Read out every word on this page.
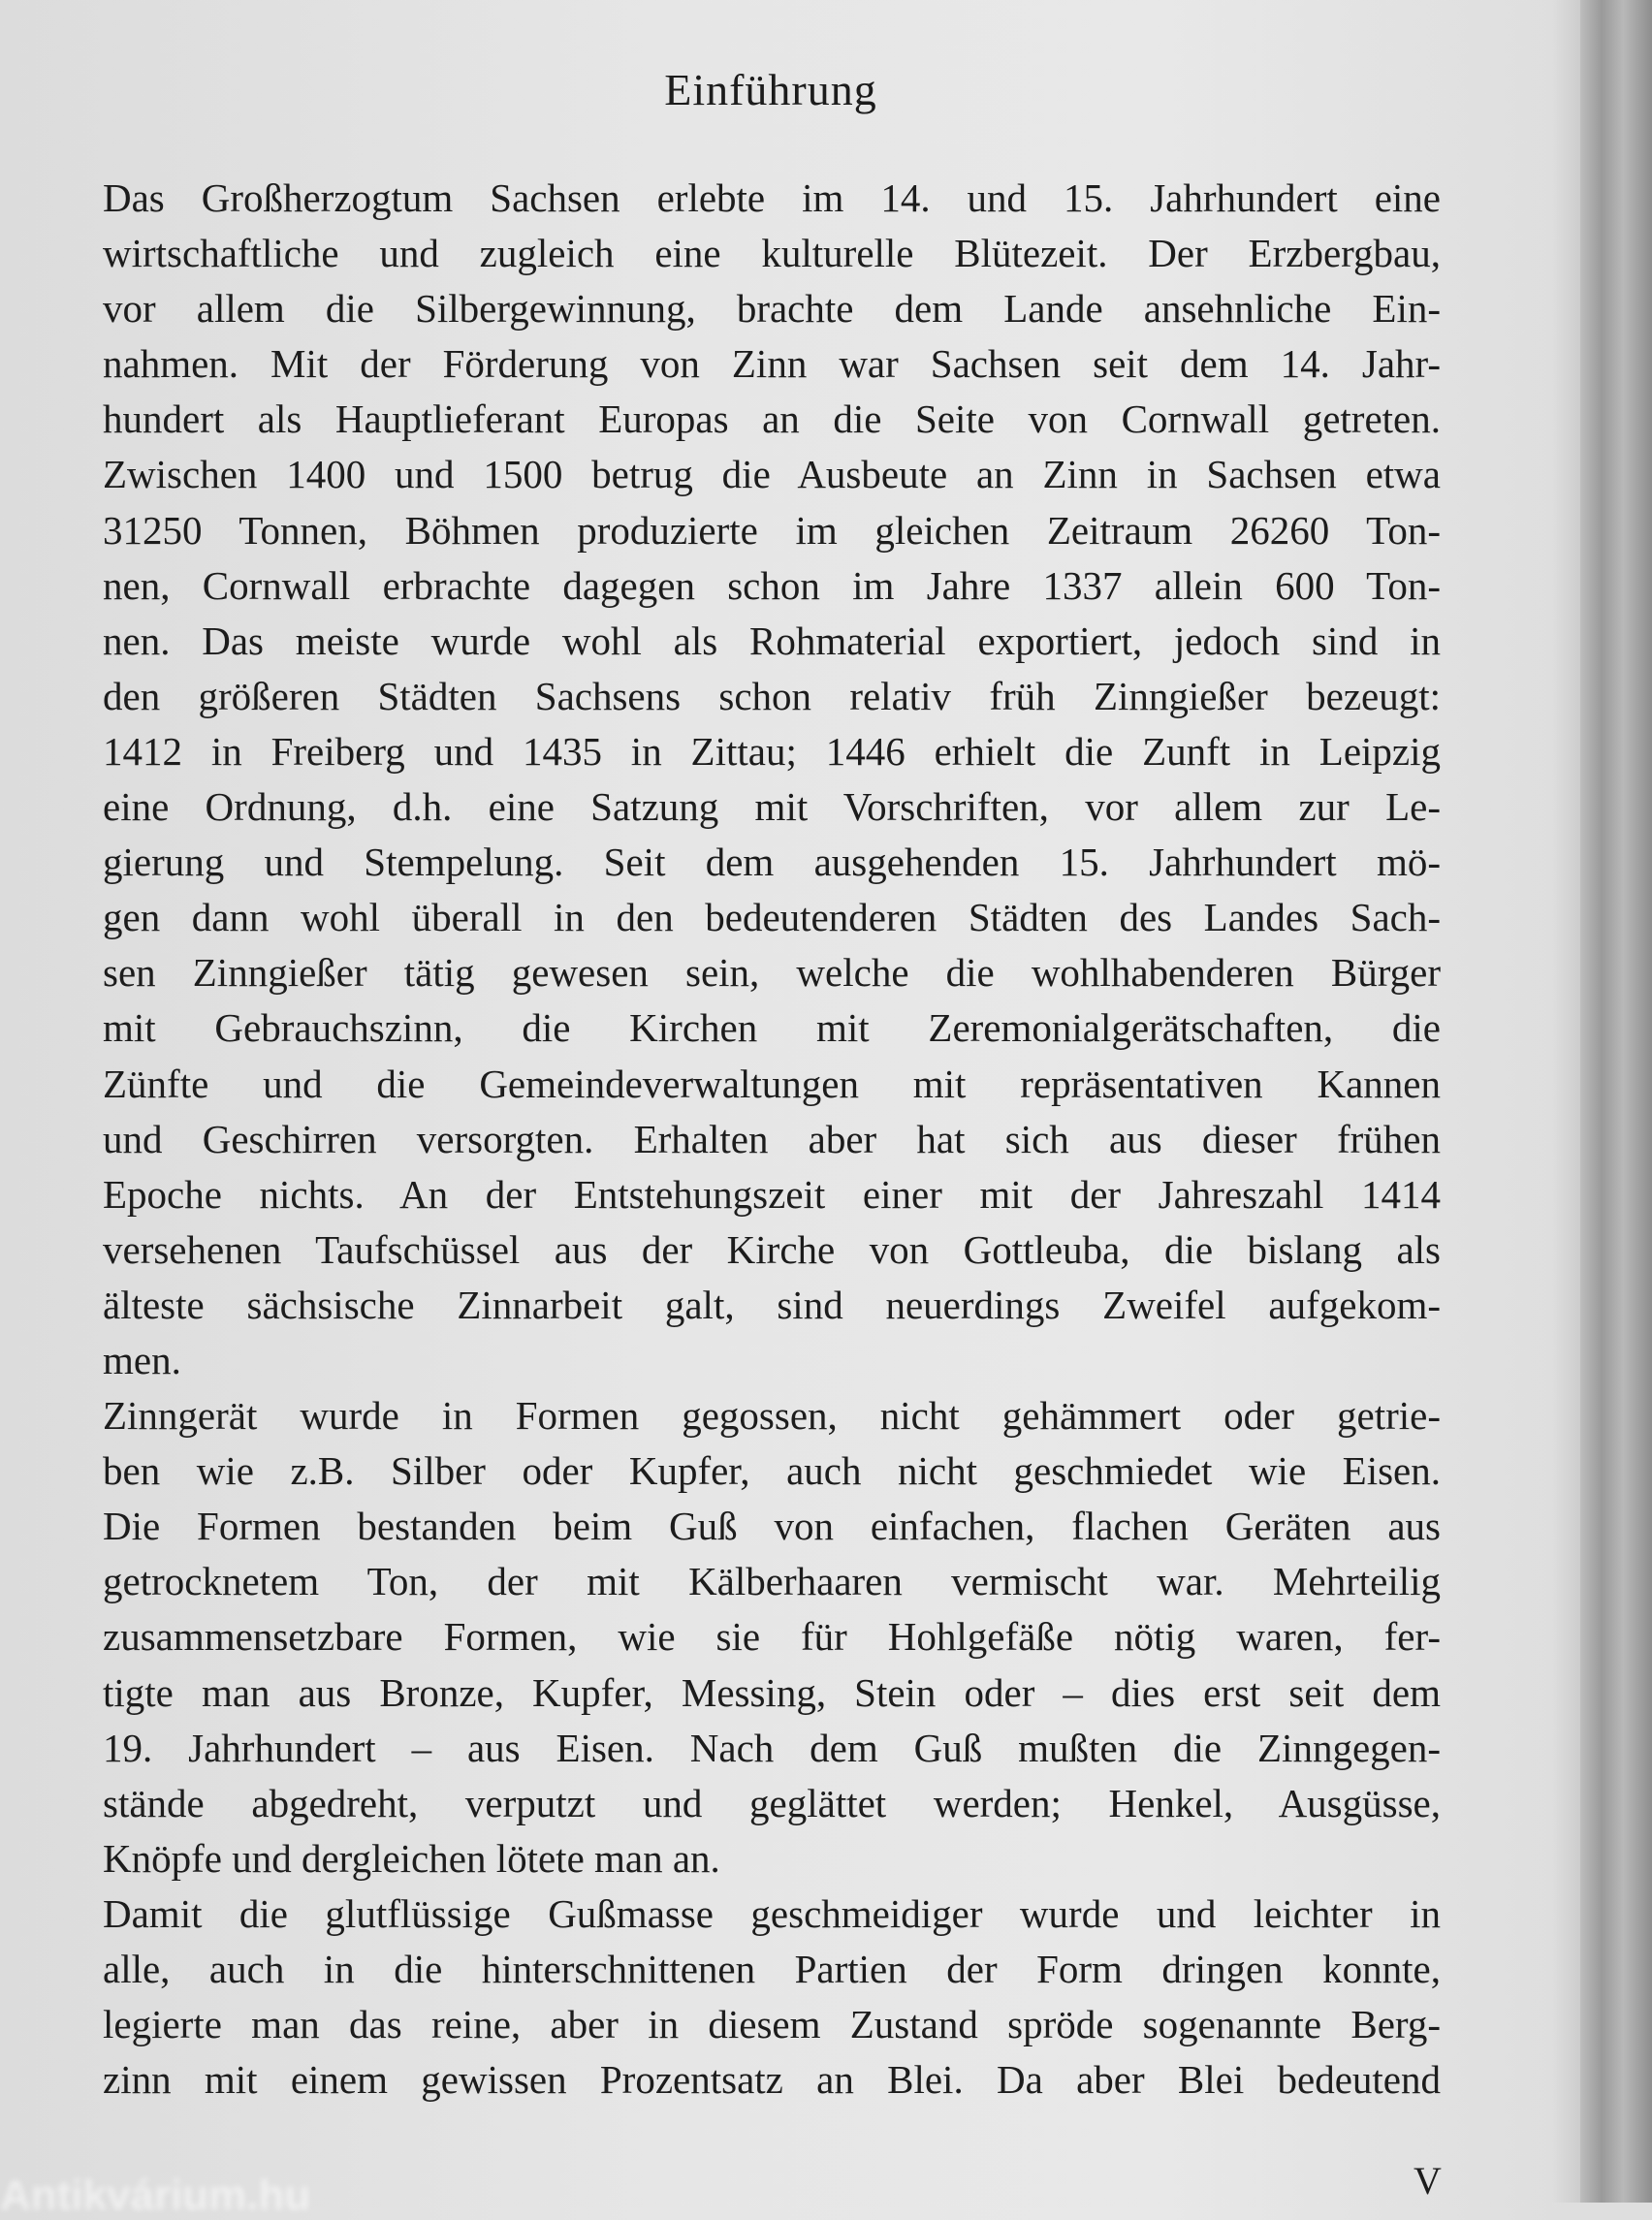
Einführung
Das Großherzogtum Sachsen erlebte im 14. und 15. Jahrhundert eine
wirtschaftliche und zugleich eine kulturelle Blütezeit. Der Erzbergbau,
vor allem die Silbergewinnung, brachte dem Lande ansehnliche Ein-
nahmen. Mit der Förderung von Zinn war Sachsen seit dem 14. Jahr-
hundert als Hauptlieferant Europas an die Seite von Cornwall getreten.
Zwischen 1400 und 1500 betrug die Ausbeute an Zinn in Sachsen etwa
31250 Tonnen, Böhmen produzierte im gleichen Zeitraum 26260 Ton-
nen, Cornwall erbrachte dagegen schon im Jahre 1337 allein 600 Ton-
nen. Das meiste wurde wohl als Rohmaterial exportiert, jedoch sind in
den größeren Städten Sachsens schon relativ früh Zinngießer bezeugt:
1412 in Freiberg und 1435 in Zittau; 1446 erhielt die Zunft in Leipzig
eine Ordnung, d.h. eine Satzung mit Vorschriften, vor allem zur Le-
gierung und Stempelung. Seit dem ausgehenden 15. Jahrhundert mö-
gen dann wohl überall in den bedeutenderen Städten des Landes Sach-
sen Zinngießer tätig gewesen sein, welche die wohlhabenderen Bürger
mit Gebrauchszinn, die Kirchen mit Zeremonialgerätschaften, die
Zünfte und die Gemeindeverwaltungen mit repräsentativen Kannen
und Geschirren versorgten. Erhalten aber hat sich aus dieser frühen
Epoche nichts. An der Entstehungszeit einer mit der Jahreszahl 1414
versehenen Taufschüssel aus der Kirche von Gottleuba, die bislang als
älteste sächsische Zinnarbeit galt, sind neuerdings Zweifel aufgekom-
men.
Zinngerät wurde in Formen gegossen, nicht gehämmert oder getrie-
ben wie z.B. Silber oder Kupfer, auch nicht geschmiedet wie Eisen.
Die Formen bestanden beim Guß von einfachen, flachen Geräten aus
getrocknetem Ton, der mit Kälberhaaren vermischt war. Mehrteilig
zusammensetzbare Formen, wie sie für Hohlgefäße nötig waren, fer-
tigte man aus Bronze, Kupfer, Messing, Stein oder – dies erst seit dem
19. Jahrhundert – aus Eisen. Nach dem Guß mußten die Zinngegen-
stände abgedreht, verputzt und geglättet werden; Henkel, Ausgüsse,
Knöpfe und dergleichen lötete man an.
Damit die glutflüssige Gußmasse geschmeidiger wurde und leichter in
alle, auch in die hinterschnittenen Partien der Form dringen konnte,
legierte man das reine, aber in diesem Zustand spröde sogenannte Berg-
zinn mit einem gewissen Prozentsatz an Blei. Da aber Blei bedeutend
V
Antikvárium.hu
